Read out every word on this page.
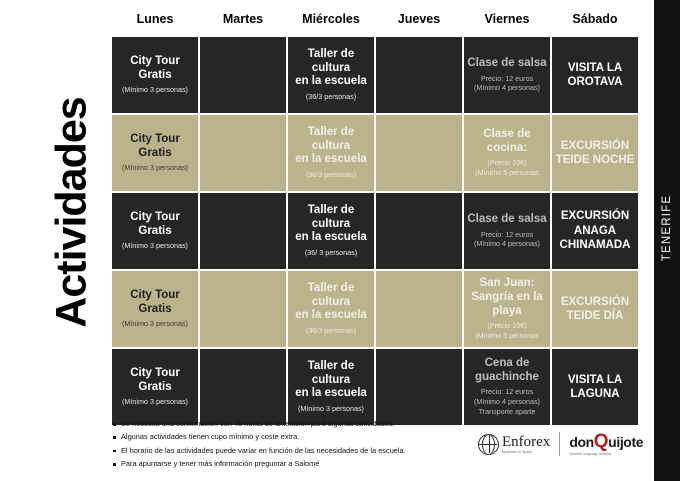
Actividades	TENERIFE
Lunes	Martes	Miércoles	Jueves	Viernes	Sábado

City Tour
Gratis
(Mínimo 3 personas)		Taller de cultura
en la escuela
(36/3 personas)		Clase de salsa
Precio: 12 euros
(Mínimo 4 personas)	VISITA LA
OROTAVA

City Tour
Gratis
(Mínimo 3 personas)		Taller de cultura
en la escuela
(36/3 personas)		Clase de cocina:
(Precio 10€)
(Mínimo 5 personas	EXCURSIÓN
TEIDE NOCHE

City Tour
Gratis
(Mínimo 3 personas)		Taller de cultura
en la escuela
(36/ 3 personas)		Clase de salsa
Precio: 12 euros
(Mínimo 4 personas)	EXCURSIÓN
ANAGA
CHINAMADA

City Tour
Gratis
(Mínimo 3 personas)		Taller de cultura
en la escuela
(36/3 personas)		San Juan:
Sangría en la
playa
(Precio 10€)
(Mínimo 5 personas	EXCURSIÓN
TEIDE DÍA

City Tour
Gratis
(Mínimo 3 personas)		Taller de cultura
en la escuela
(Mínimo 3 personas)		Cena de
guachinche
Precio: 12 euros
(Mínimo 4 personas)
Transporte aparte	VISITA LA
LAGUNA
Se necesita una confirmación con 48 horas de antelación para algunas actividades.
Algunas actividades tienen cupo mínimo y coste extra.
El horario de las actividades puede variar en función de las necesidades de la escuela.
Para apuntarse y tener más información preguntar a Salomé
Enforex
Spanish in Spain
donQuijote
Spanish language schools
